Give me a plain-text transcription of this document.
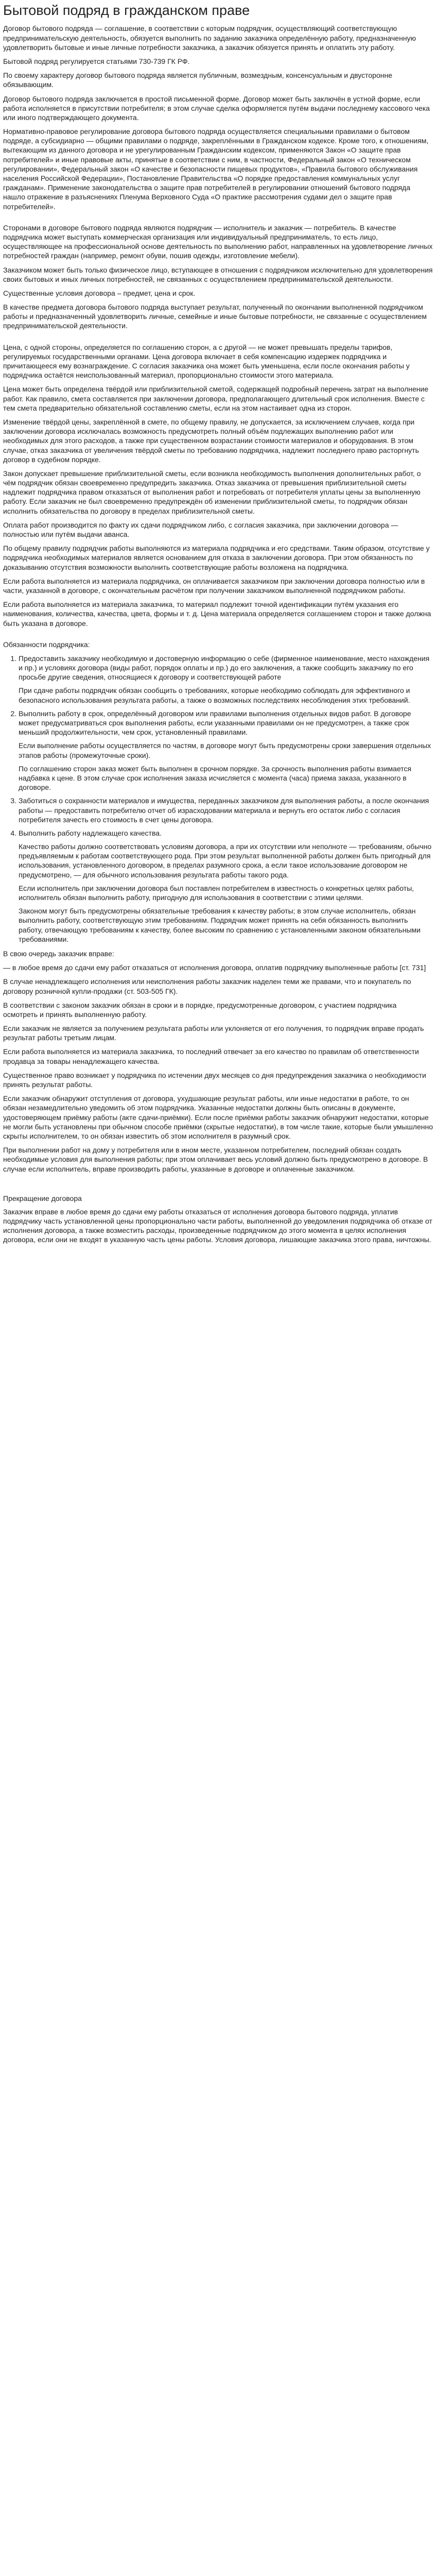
Бытовой подряд в гражданском праве

Договор бытового подряда — соглашение, в соответствии с которым подрядчик, осуществляющий соответствующую предпринимательскую деятельность, обязуется выполнить по заданию заказчика определённую работу, предназначенную удовлетворить бытовые и иные личные потребности заказчика, а заказчик обязуется принять и оплатить эту работу.

Бытовой подряд регулируется статьями 730-739 ГК РФ.

По своему характеру договор бытового подряда является публичным, возмездным, консенсуальным и двусторонне обязывающим.

Договор бытового подряда заключается в простой письменной форме. Договор может быть заключён в устной форме, если работа исполняется в присутствии потребителя; в этом случае сделка оформляется путём выдачи последнему кассового чека или иного подтверждающего документа.

Нормативно-правовое регулирование договора бытового подряда осуществляется специальными правилами о бытовом подряде, а субсидиарно — общими правилами о подряде, закреплёнными в Гражданском кодексе. Кроме того, к отношениям, вытекающим из данного договора и не урегулированным Гражданским кодексом, применяются Закон «О защите прав потребителей» и иные правовые акты, принятые в соответствии с ним, в частности, Федеральный закон «О техническом регулировании», Федеральный закон «О качестве и безопасности пищевых продуктов», «Правила бытового обслуживания населения Российской Федерации», Постановление Правительства «О порядке предоставления коммунальных услуг гражданам». Применение законодательства о защите прав потребителей в регулировании отношений бытового подряда нашло отражение в разъяснениях Пленума Верховного Суда «О практике рассмотрения судами дел о защите прав потребителей».

Сторонами в договоре бытового подряда являются подрядчик — исполнитель и заказчик — потребитель. В качестве подрядчика может выступать коммерческая организация или индивидуальный предприниматель, то есть лицо, осуществляющее на профессиональной основе деятельность по выполнению работ, направленных на удовлетворение личных потребностей граждан (например, ремонт обуви, пошив одежды, изготовление мебели).

Заказчиком может быть только физическое лицо, вступающее в отношения с подрядчиком исключительно для удовлетворения своих бытовых и иных личных потребностей, не связанных с осуществлением предпринимательской деятельности.

Существенные условия договора – предмет, цена и срок.

В качестве предмета договора бытового подряда выступает результат, полученный по окончании выполненной подрядчиком работы и предназначенный удовлетворить личные, семейные и иные бытовые потребности, не связанные с осуществлением предпринимательской деятельности.

Цена, с одной стороны, определяется по соглашению сторон, а с другой — не может превышать пределы тарифов, регулируемых государственными органами. Цена договора включает в себя компенсацию издержек подрядчика и причитающееся ему вознаграждение. С согласия заказчика она может быть уменьшена, если после окончания работы у подрядчика остаётся неиспользованный материал, пропорционально стоимости этого материала.

Цена может быть определена твёрдой или приблизительной сметой, содержащей подробный перечень затрат на выполнение работ. Как правило, смета составляется при заключении договора, предполагающего длительный срок исполнения. Вместе с тем смета предварительно обязательной составлению сметы, если на этом настаивает одна из сторон.

Изменение твёрдой цены, закреплённой в смете, по общему правилу, не допускается, за исключением случаев, когда при заключении договора исключалась возможность предусмотреть полный объём подлежащих выполнению работ или необходимых для этого расходов, а также при существенном возрастании стоимости материалов и оборудования. В этом случае, отказ заказчика от увеличения твёрдой сметы по требованию подрядчика, надлежит последнего право расторгнуть договор в судебном порядке.

Закон допускает превышение приблизительной сметы, если возникла необходимость выполнения дополнительных работ, о чём подрядчик обязан своевременно предупредить заказчика. Отказ заказчика от превышения приблизительной сметы надлежит подрядчика правом отказаться от выполнения работ и потребовать от потребителя уплаты цены за выполненную работу. Если заказчик не был своевременно предупреждён об изменении приблизительной сметы, то подрядчик обязан исполнить обязательства по договору в пределах приблизительной сметы.

Оплата работ производится по факту их сдачи подрядчиком либо, с согласия заказчика, при заключении договора — полностью или путём выдачи аванса.

По общему правилу подрядчик работы выполняются из материала подрядчика и его средствами. Таким образом, отсутствие у подрядчика необходимых материалов является основанием для отказа в заключении договора. При этом обязанность по доказыванию отсутствия возможности выполнить соответствующие работы возложена на подрядчика.

Если работа выполняется из материала подрядчика, он оплачивается заказчиком при заключении договора полностью или в части, указанной в договоре, с окончательным расчётом при получении заказчиком выполненной подрядчиком работы.

Если работа выполняется из материала заказчика, то материал подлежит точной идентификации путём указания его наименования, количества, качества, цвета, формы и т. д. Цена материала определяется соглашением сторон и также должна быть указана в договоре.

Обязанности подрядчика:

1. Предоставить заказчику необходимую и достоверную информацию о себе (фирменное наименование, место нахождения и пр.) и условиях договора (виды работ, порядок оплаты и пр.) до его заключения, а также сообщить заказчику по его просьбе другие сведения, относящиеся к договору и соответствующей работе

При сдаче работы подрядчик обязан сообщить о требованиях, которые необходимо соблюдать для эффективного и безопасного использования результата работы, а также о возможных последствиях несоблюдения этих требований.

2. Выполнить работу в срок, определённый договором или правилами выполнения отдельных видов работ. В договоре может предусматриваться срок выполнения работы, если указанными правилами он не предусмотрен, а также срок меньший продолжительности, чем срок, установленный правилами.

Если выполнение работы осуществляется по частям, в договоре могут быть предусмотрены сроки завершения отдельных этапов работы (промежуточные сроки).

По соглашению сторон заказ может быть выполнен в срочном порядке. За срочность выполнения работы взимается надбавка к цене. В этом случае срок исполнения заказа исчисляется с момента (часа) приема заказа, указанного в договоре.

3. Заботиться о сохранности материалов и имущества, переданных заказчиком для выполнения работы, а после окончания работы — предоставить потребителю отчет об израсходовании материала и вернуть его остаток либо с согласия потребителя зачесть его стоимость в счет цены договора.

4. Выполнить работу надлежащего качества.

Качество работы должно соответствовать условиям договора, а при их отсутствии или неполноте — требованиям, обычно предъявляемым к работам соответствующего рода. При этом результат выполненной работы должен быть пригодный для использования, установленного договором, в пределах разумного срока, а если такое использование договором не предусмотрено, — для обычного использования результата работы такого рода.

Если исполнитель при заключении договора был поставлен потребителем в известность о конкретных целях работы, исполнитель обязан выполнить работу, пригодную для использования в соответствии с этими целями.

Законом могут быть предусмотрены обязательные требования к качеству работы; в этом случае исполнитель, обязан выполнить работу, соответствующую этим требованиям. Подрядчик может принять на себя обязанность выполнить работу, отвечающую требованиям к качеству, более высоким по сравнению с установленными законом обязательными требованиями.

В свою очередь заказчик вправе:

— в любое время до сдачи ему работ отказаться от исполнения договора, оплатив подрядчику выполненные работы [ст. 731]

В случае ненадлежащего исполнения или неисполнения работы заказчик наделен теми же правами, что и покупатель по договору розничной купли-продажи (ст. 503-505 ГК).

В соответствии с законом заказчик обязан в сроки и в порядке, предусмотренные договором, с участием подрядчика осмотреть и принять выполненную работу.

Если заказчик не является за получением результата работы или уклоняется от его получения, то подрядчик вправе продать результат работы третьим лицам.

Если работа выполняется из материала заказчика, то последний отвечает за его качество по правилам об ответственности продавца за товары ненадлежащего качества.

Существенное право возникает у подрядчика по истечении двух месяцев со дня предупреждения заказчика о необходимости принять результат работы.

Если заказчик обнаружит отступления от договора, ухудшающие результат работы, или иные недостатки в работе, то он обязан незамедлительно уведомить об этом подрядчика. Указанные недостатки должны быть описаны в документе, удостоверяющем приёмку работы (акте сдачи-приёмки). Если после приёмки работы заказчик обнаружит недостатки, которые не могли быть установлены при обычном способе приёмки (скрытые недостатки), в том числе такие, которые были умышленно скрыты исполнителем, то он обязан известить об этом исполнителя в разумный срок.

При выполнении работ на дому у потребителя или в ином месте, указанном потребителем, последний обязан создать необходимые условия для выполнения работы; при этом оплачивает весь условий должно быть предусмотрено в договоре. В случае если исполнитель, вправе производить работы, указанные в договоре и оплаченные заказчиком.

Прекращение договора

Заказчик вправе в любое время до сдачи ему работы отказаться от исполнения договора бытового подряда, уплатив подрядчику часть установленной цены пропорционально части работы, выполненной до уведомления подрядчика об отказе от исполнения договора, а также возместить расходы, произведенные подрядчиком до этого момента в целях исполнения договора, если они не входят в указанную часть цены работы. Условия договора, лишающие заказчика этого права, ничтожны.
